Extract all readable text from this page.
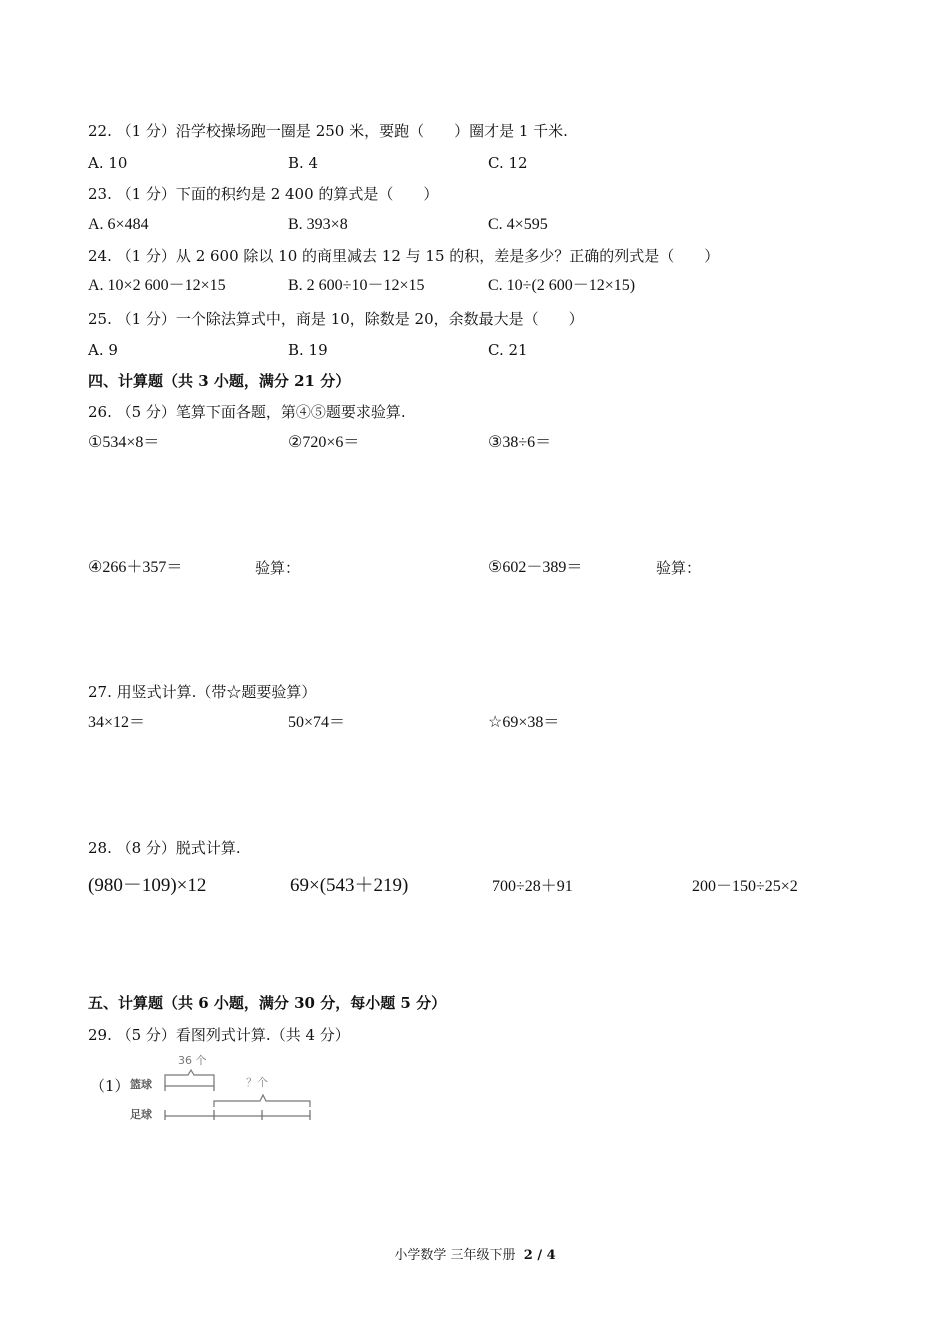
22. （1 分）沿学校操场跑一圈是 250 米，要跑（　　）圈才是 1 千米.
A. 10	B. 4	C. 12
23. （1 分）下面的积约是 2 400 的算式是（　　）
A. 6×484	B. 393×8	C. 4×595
24. （1 分）从 2 600 除以 10 的商里减去 12 与 15 的积，差是多少？正确的列式是（　　）
A. 10×2 600－12×15	B. 2 600÷10－12×15	C. 10÷(2 600－12×15)
25. （1 分）一个除法算式中，商是 10，除数是 20，余数最大是（　　）
A. 9	B. 19	C. 21
四、计算题（共 3 小题，满分 21 分）
26. （5 分）笔算下面各题，第④⑤题要求验算.
①534×8＝	②720×6＝	③38÷6＝
④266＋357＝	验算：	⑤602－389＝	验算：
27. 用竖式计算.（带☆题要验算）
34×12＝	50×74＝	☆69×38＝
28. （8 分）脱式计算.
(980－109)×12	69×(543＋219)	700÷28＋91	200－150÷25×2
五、计算题（共 6 小题，满分 30 分，每小题 5 分）
29. （5 分）看图列式计算.（共 4 分）
（1）
36 个
篮球	？个
足球
小学数学 三年级下册 2 / 4
